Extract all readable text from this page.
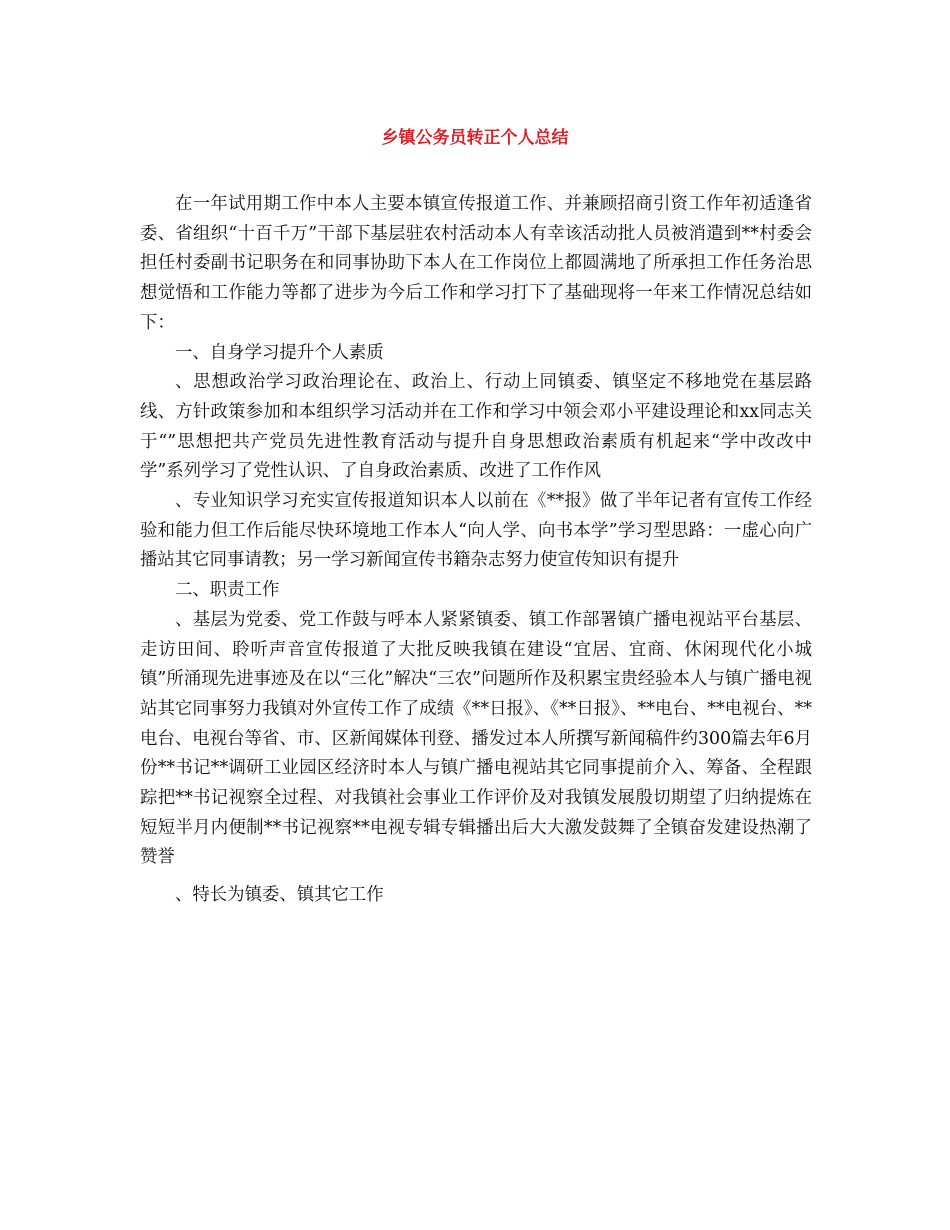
乡镇公务员转正个人总结

在一年试用期工作中本人主要本镇宣传报道工作、并兼顾招商引资工作年初适逢省委、省组织“十百千万”干部下基层驻农村活动本人有幸该活动批人员被消遣到**村委会担任村委副书记职务在和同事协助下本人在工作岗位上都圆满地了所承担工作任务治思想觉悟和工作能力等都了进步为今后工作和学习打下了基础现将一年来工作情况总结如下：

一、自身学习提升个人素质

、思想政治学习政治理论在、政治上、行动上同镇委、镇坚定不移地党在基层路线、方针政策参加和本组织学习活动并在工作和学习中领会邓小平建设理论和xx同志关于“”思想把共产党员先进性教育活动与提升自身思想政治素质有机起来“学中改改中学”系列学习了党性认识、了自身政治素质、改进了工作作风

、专业知识学习充实宣传报道知识本人以前在《**报》做了半年记者有宣传工作经验和能力但工作后能尽快环境地工作本人“向人学、向书本学”学习型思路：一虚心向广播站其它同事请教；另一学习新闻宣传书籍杂志努力使宣传知识有提升

二、职责工作

、基层为党委、党工作鼓与呼本人紧紧镇委、镇工作部署镇广播电视站平台基层、走访田间、聆听声音宣传报道了大批反映我镇在建设“宜居、宜商、休闲现代化小城镇”所涌现先进事迹及在以“三化”解决“三农”问题所作及积累宝贵经验本人与镇广播电视站其它同事努力我镇对外宣传工作了成绩《**日报》、《**日报》、**电台、**电视台、**电台、电视台等省、市、区新闻媒体刊登、播发过本人所撰写新闻稿件约300篇去年6月份**书记**调研工业园区经济时本人与镇广播电视站其它同事提前介入、筹备、全程跟踪把**书记视察全过程、对我镇社会事业工作评价及对我镇发展殷切期望了归纳提炼在短短半月内便制**书记视察**电视专辑专辑播出后大大激发鼓舞了全镇奋发建设热潮了赞誉

、特长为镇委、镇其它工作
